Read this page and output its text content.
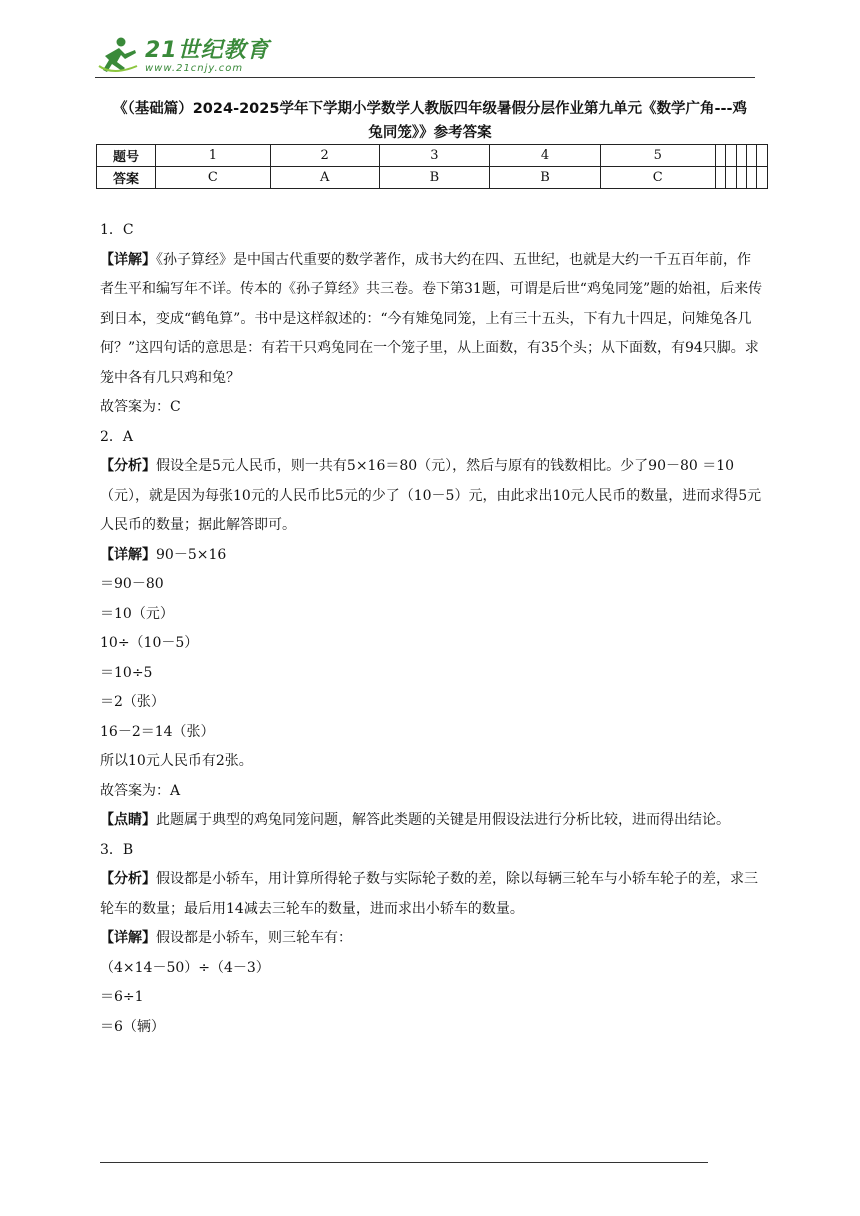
21世纪教育
www.21cnjy.com
《（基础篇）2024-2025学年下学期小学数学人教版四年级暑假分层作业第九单元《数学广角---鸡
兔同笼》》参考答案
题号	1	2	3	4	5					
答案	C	A	B	B	C					

1．C

【详解】《孙子算经》是中国古代重要的数学著作，成书大约在四、五世纪，也就是大约一千五百年前，作者生平和编写年不详。传本的《孙子算经》共三卷。卷下第31题，可谓是后世“鸡兔同笼”题的始祖，后来传到日本，变成“鹤龟算”。书中是这样叙述的：“今有雉兔同笼，上有三十五头，下有九十四足，问雉兔各几何？”这四句话的意思是：有若干只鸡兔同在一个笼子里，从上面数，有35个头；从下面数，有94只脚。求笼中各有几只鸡和兔？

故答案为：C

2．A

【分析】假设全是5元人民币，则一共有5×16＝80（元），然后与原有的钱数相比。少了90－80 ＝10（元），就是因为每张10元的人民币比5元的少了（10－5）元，由此求出10元人民币的数量，进而求得5元人民币的数量；据此解答即可。

【详解】90－5×16

＝90－80

＝10（元）

10÷（10－5）

＝10÷5

＝2（张）

16－2＝14（张）

所以10元人民币有2张。

故答案为：A

【点睛】此题属于典型的鸡兔同笼问题，解答此类题的关键是用假设法进行分析比较，进而得出结论。

3．B

【分析】假设都是小轿车，用计算所得轮子数与实际轮子数的差，除以每辆三轮车与小轿车轮子的差，求三轮车的数量；最后用14减去三轮车的数量，进而求出小轿车的数量。

【详解】假设都是小轿车，则三轮车有：

（4×14－50）÷（4－3）

＝6÷1

＝6（辆）
